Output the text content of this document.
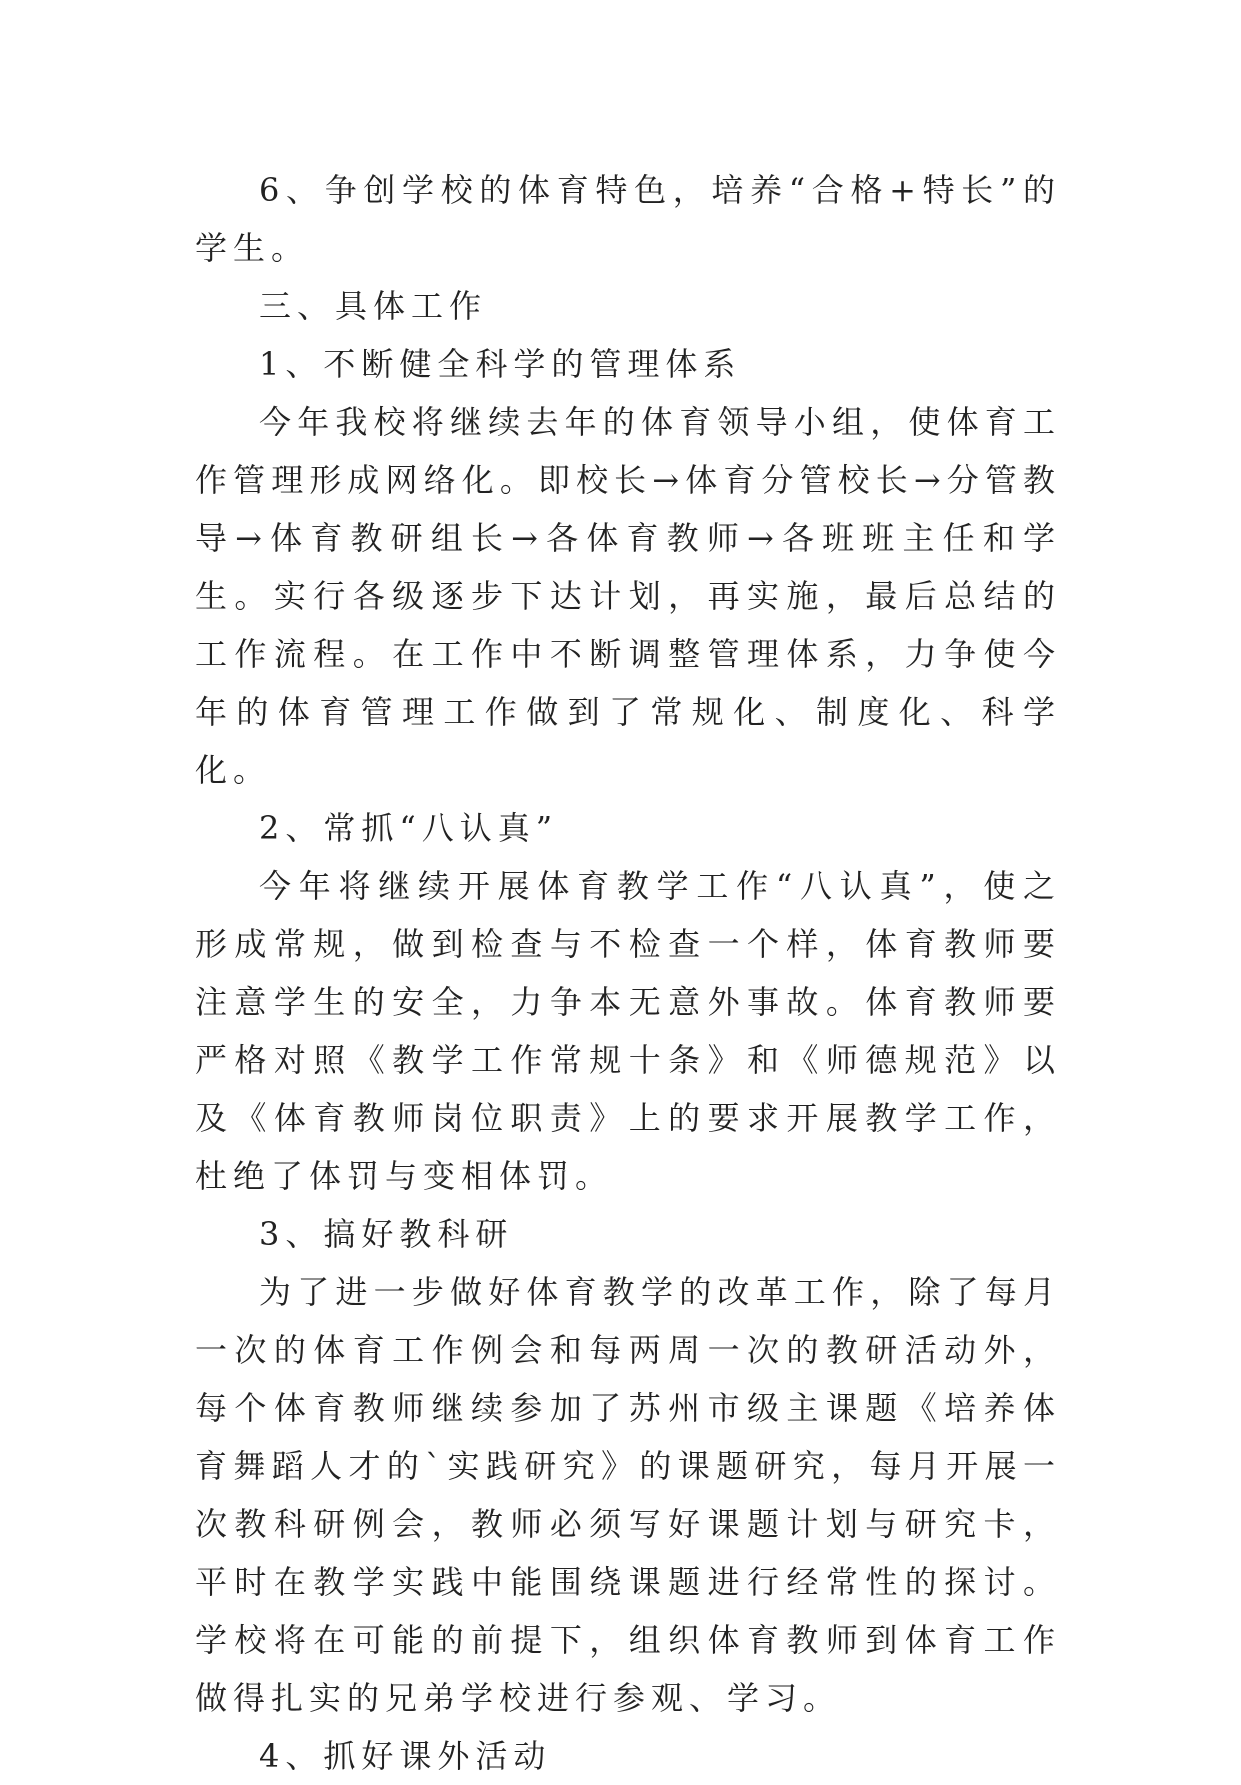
6、争创学校的体育特色，培养“合格+特长”的学生。

三、具体工作

1、不断健全科学的管理体系

今年我校将继续去年的体育领导小组，使体育工作管理形成网络化。即校长→体育分管校长→分管教导→体育教研组长→各体育教师→各班班主任和学生。实行各级逐步下达计划，再实施，最后总结的工作流程。在工作中不断调整管理体系，力争使今年的体育管理工作做到了常规化、制度化、科学化。

2、常抓“八认真”

今年将继续开展体育教学工作“八认真”，使之形成常规，做到检查与不检查一个样，体育教师要注意学生的安全，力争本无意外事故。体育教师要严格对照《教学工作常规十条》和《师德规范》以及《体育教师岗位职责》上的要求开展教学工作，杜绝了体罚与变相体罚。

3、搞好教科研

为了进一步做好体育教学的改革工作，除了每月一次的体育工作例会和每两周一次的教研活动外，每个体育教师继续参加了苏州市级主课题《培养体育舞蹈人才的`实践研究》的课题研究，每月开展一次教科研例会，教师必须写好课题计划与研究卡，平时在教学实践中能围绕课题进行经常性的探讨。学校将在可能的前提下，组织体育教师到体育工作做得扎实的兄弟学校进行参观、学习。

4、抓好课外活动
